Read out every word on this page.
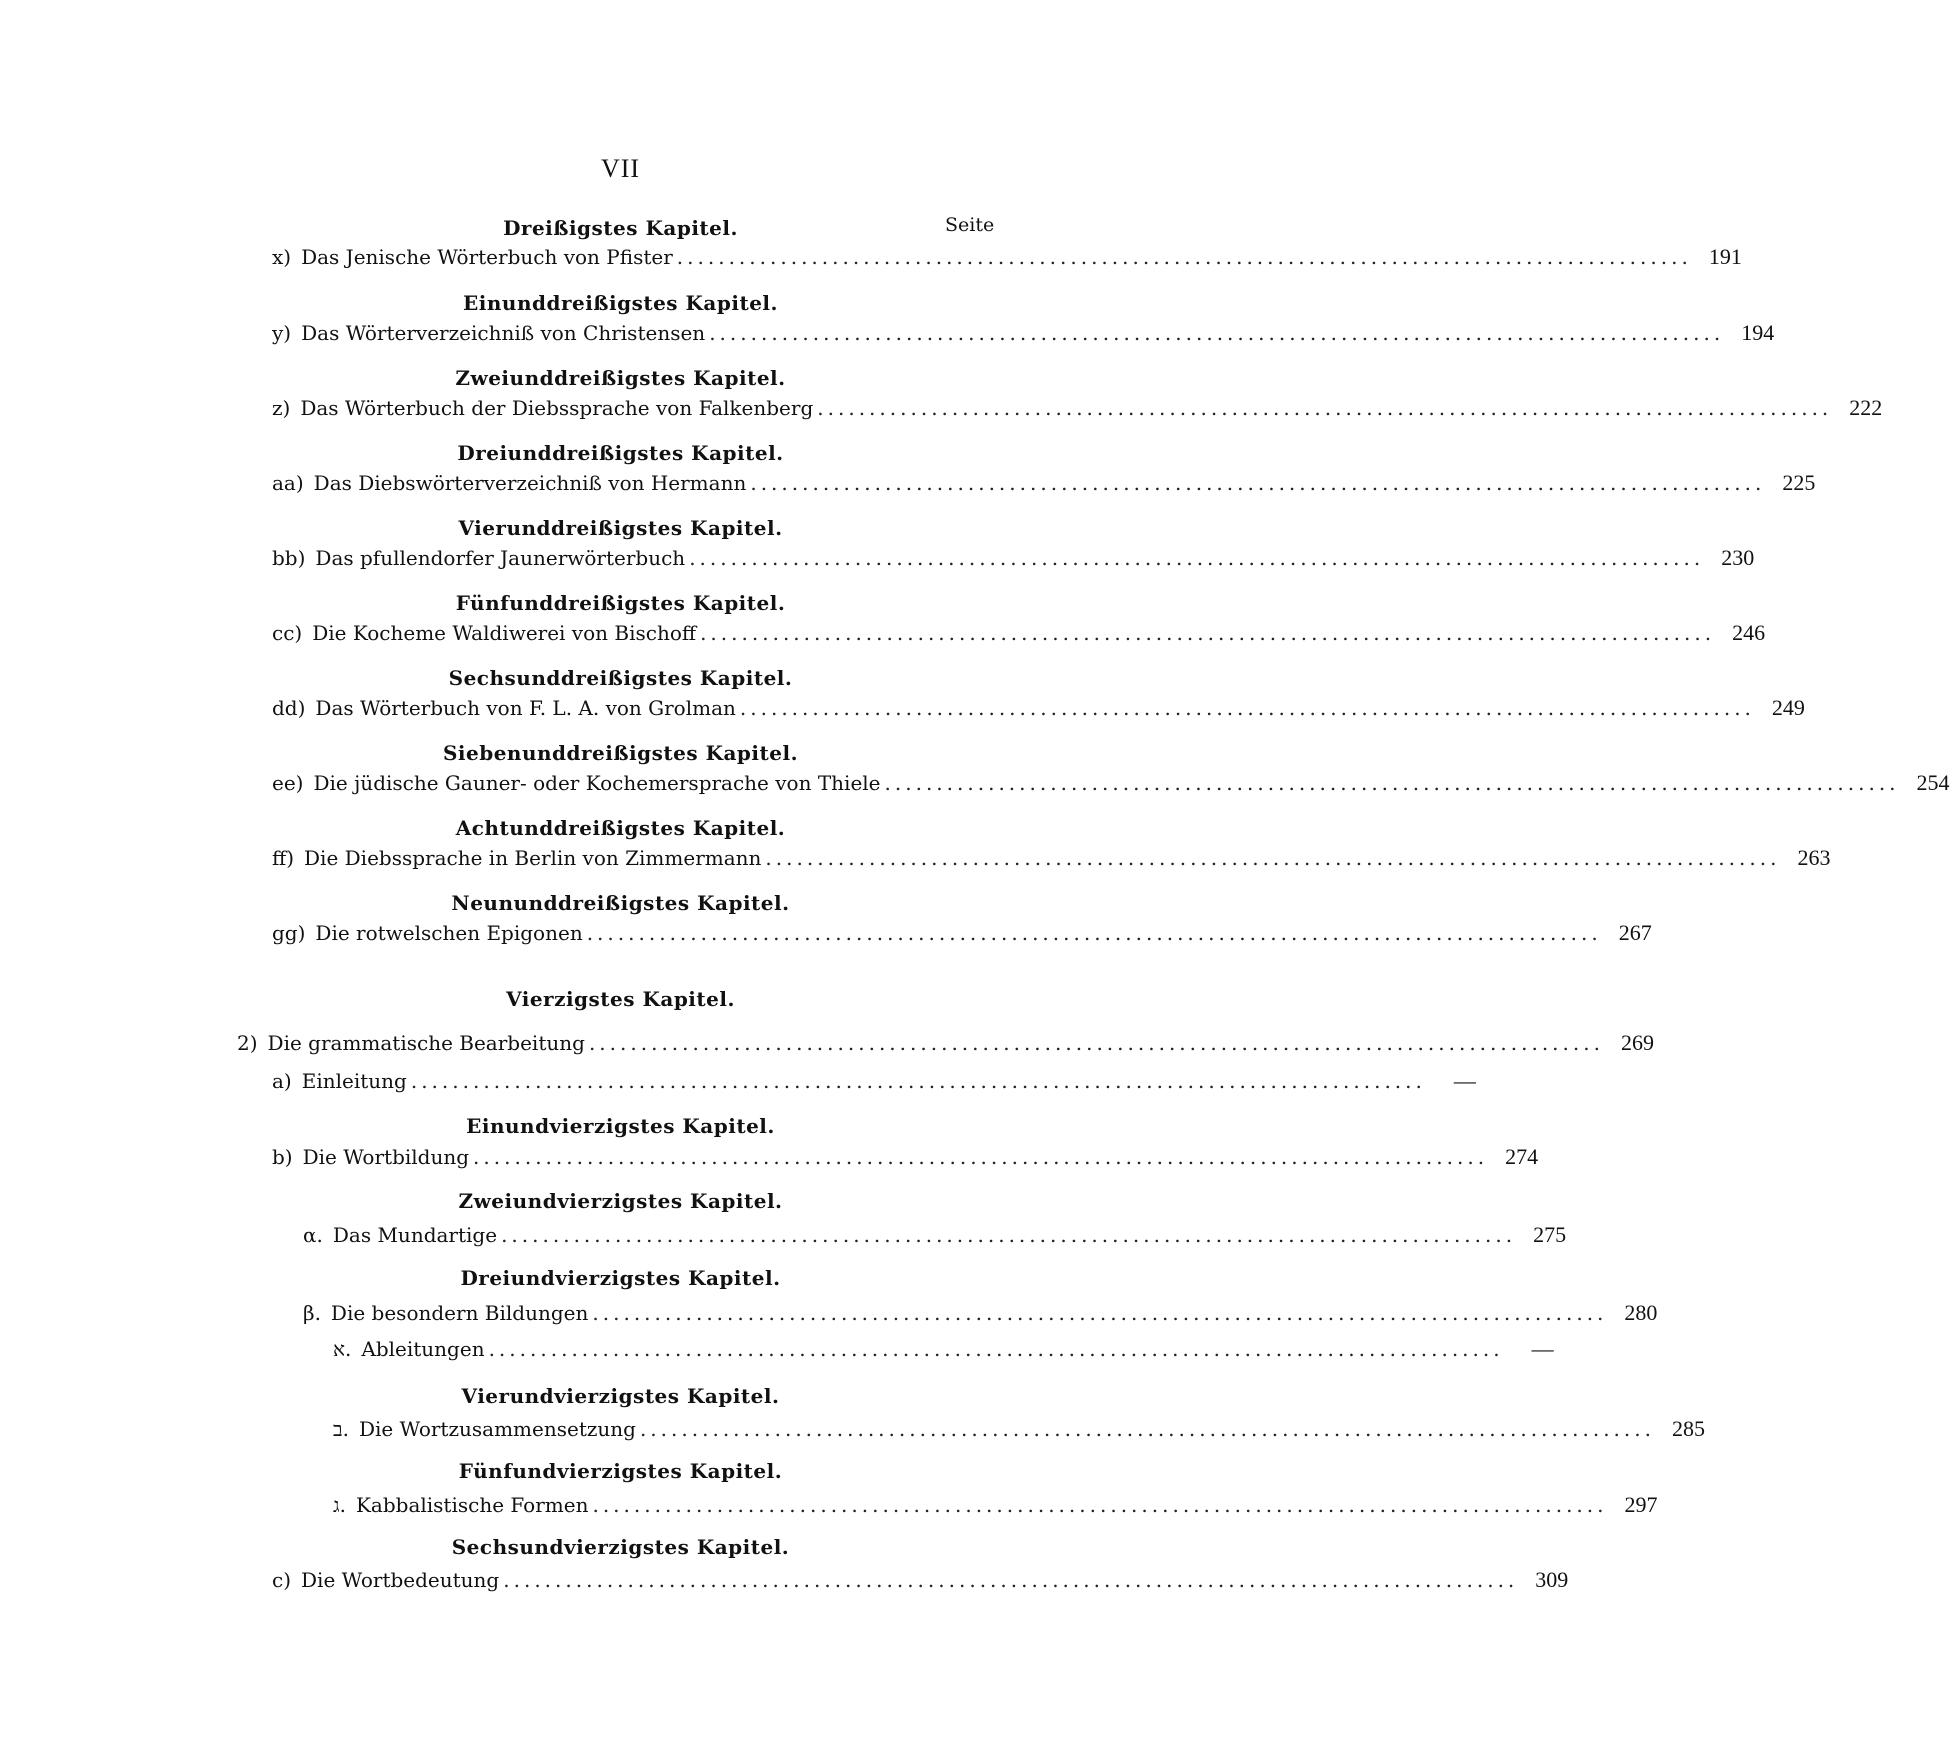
VII
Seite
Dreißigstes Kapitel.
x) Das Jenische Wörterbuch von Pfister .................................................................................................. 191
Einunddreißigstes Kapitel.
y) Das Wörterverzeichniß von Christensen .................................................................................................. 194
Zweiunddreißigstes Kapitel.
z) Das Wörterbuch der Diebssprache von Falkenberg .................................................................................................. 222
Dreiunddreißigstes Kapitel.
aa) Das Diebswörterverzeichniß von Hermann .................................................................................................. 225
Vierunddreißigstes Kapitel.
bb) Das pfullendorfer Jaunerwörterbuch .................................................................................................. 230
Fünfunddreißigstes Kapitel.
cc) Die Kocheme Waldiwerei von Bischoff .................................................................................................. 246
Sechsunddreißigstes Kapitel.
dd) Das Wörterbuch von F. L. A. von Grolman .................................................................................................. 249
Siebenunddreißigstes Kapitel.
ee) Die jüdische Gauner- oder Kochemersprache von Thiele .................................................................................................. 254
Achtunddreißigstes Kapitel.
ff) Die Diebssprache in Berlin von Zimmermann .................................................................................................. 263
Neununddreißigstes Kapitel.
gg) Die rotwelschen Epigonen .................................................................................................. 267
Vierzigstes Kapitel.
2) Die grammatische Bearbeitung .................................................................................................. 269
a) Einleitung ..................................................................................................	—
Einundvierzigstes Kapitel.
b) Die Wortbildung .................................................................................................. 274
Zweiundvierzigstes Kapitel.
α. Das Mundartige .................................................................................................. 275
Dreiundvierzigstes Kapitel.
β. Die besondern Bildungen .................................................................................................. 280
א. Ableitungen ..................................................................................................	—
Vierundvierzigstes Kapitel.
ב. Die Wortzusammensetzung .................................................................................................. 285
Fünfundvierzigstes Kapitel.
ג. Kabbalistische Formen .................................................................................................. 297
Sechsundvierzigstes Kapitel.
c) Die Wortbedeutung .................................................................................................. 309
